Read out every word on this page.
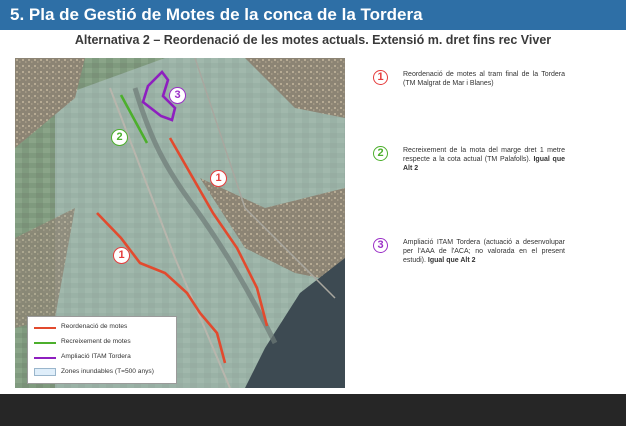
5. Pla de Gestió de Motes de la conca de la Tordera
Alternativa 2 – Reordenació de les motes actuals. Extensió m. dret fins rec Viver
1
1
2
3
Reordenació de motes
Recreixement de motes
Ampliació ITAM Tordera
Zones inundables (T=500 anys)
1	Reordenació de motes al tram final de la Tordera (TM Malgrat de Mar i Blanes)
2	Recreixement de la mota del marge dret 1 metre respecte a la cota actual (TM Palafolls). Igual que Alt 2
3	Ampliació ITAM Tordera (actuació a desenvolupar per l'AAA de l'ACA; no valorada en el present estudi). Igual que Alt 2
